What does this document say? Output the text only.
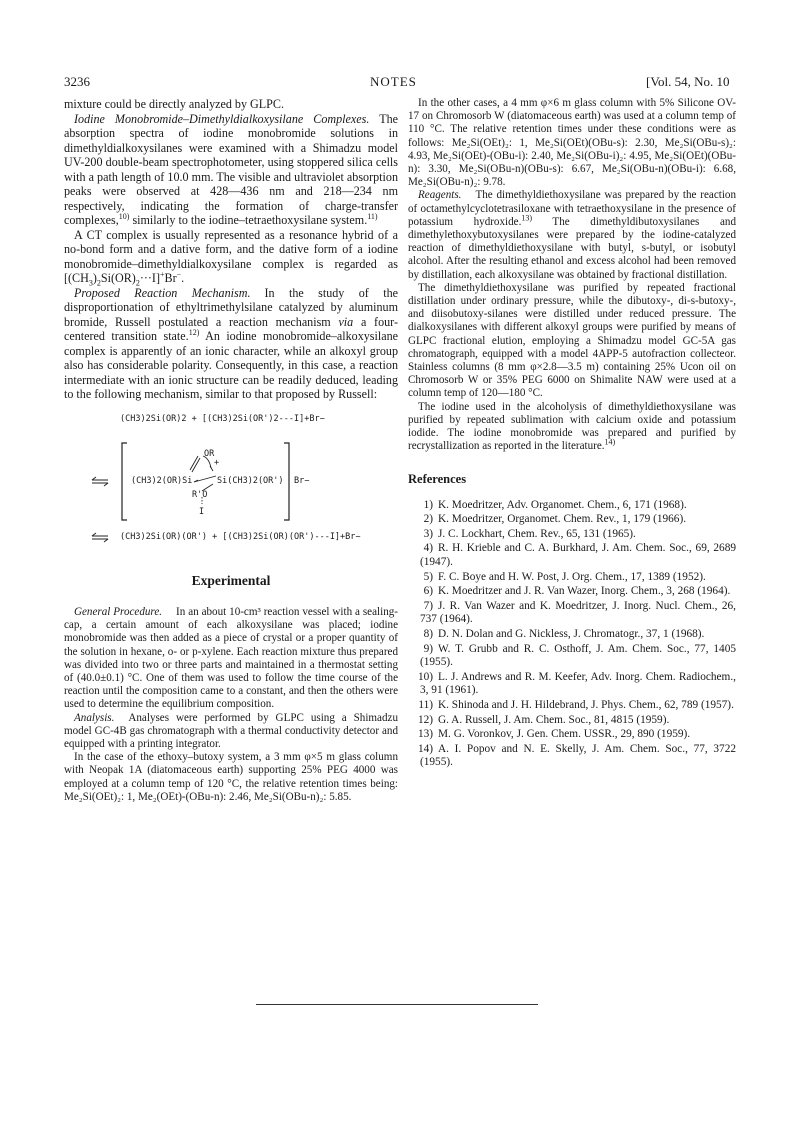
3236	NOTES	[Vol. 54, No. 10

mixture could be directly analyzed by GLPC.

Iodine Monobromide–Dimethyldialkoxysilane Complexes. The absorption spectra of iodine monobromide solutions in dimethyldialkoxysilanes were examined with a Shimadzu model UV-200 double-beam spectrophotometer, using stoppered silica cells with a path length of 10.0 mm. The visible and ultraviolet absorption peaks were observed at 428—436 nm and 218—234 nm respectively, indicating the formation of charge-transfer complexes,$^{10)}$ similarly to the iodine–tetraethoxysilane system.$^{11)}$

A CT complex is usually represented as a resonance hybrid of a no-bond form and a dative form, and the dative form of a iodine monobromide–dimethyldialkoxysilane complex is regarded as $[(CH_3)_2Si(OR)_2\cdot\cdot\cdot I]^+Br^-$.

Proposed Reaction Mechanism. In the study of the disproportionation of ethyltrimethylsilane catalyzed by aluminum bromide, Russell postulated a reaction mechanism via a four-centered transition state.$^{12)}$ An iodine monobromide–alkoxysilane complex is apparently of an ionic character, while an alkoxyl group also has considerable polarity. Consequently, in this case, a reaction intermediate with an ionic structure can be readily deduced, leading to the following mechanism, similar to that proposed by Russell:

(CH3)2Si(OR)2 + [(CH3)2Si(OR')2---I]+Br−
OR
+
(CH3)2(OR)Si	Si(CH3)2(OR') Br−
R'O
I
(CH3)2Si(OR)(OR') + [(CH3)2Si(OR)(OR')---I]+Br−
Experimental

General Procedure. In an about 10-cm³ reaction vessel with a sealing-cap, a certain amount of each alkoxysilane was placed; iodine monobromide was then added as a piece of crystal or a proper quantity of the solution in hexane, o- or p-xylene. Each reaction mixture thus prepared was divided into two or three parts and maintained in a thermostat setting of (40.0±0.1) °C. One of them was used to follow the time course of the reaction until the composition came to a constant, and then the others were used to determine the equilibrium composition.

Analysis. Analyses were performed by GLPC using a Shimadzu model GC-4B gas chromatograph with a thermal conductivity detector and equipped with a printing integrator.

In the case of the ethoxy–butoxy system, a 3 mm φ×5 m glass column with Neopak 1A (diatomaceous earth) supporting 25% PEG 4000 was employed at a column temp of 120 °C, the relative retention times being: Me₂Si(OEt)₂: 1, Me₂(OEt)-(OBu-n): 2.46, Me₂Si(OBu-n)₂: 5.85.

In the other cases, a 4 mm φ×6 m glass column with 5% Silicone OV-17 on Chromosorb W (diatomaceous earth) was used at a column temp of 110 °C. The relative retention times under these conditions were as follows: Me₂Si(OEt)₂: 1, Me₂Si(OEt)(OBu-s): 2.30, Me₂Si(OBu-s)₂: 4.93, Me₂Si(OEt)-(OBu-i): 2.40, Me₂Si(OBu-i)₂: 4.95, Me₂Si(OEt)(OBu-n): 3.30, Me₂Si(OBu-n)(OBu-s): 6.67, Me₂Si(OBu-n)(OBu-i): 6.68, Me₂Si(OBu-n)₂: 9.78.

Reagents. The dimethyldiethoxysilane was prepared by the reaction of octamethylcyclotetrasiloxane with tetraethoxysilane in the presence of potassium hydroxide.$^{13)}$ The dimethyldibutoxysilanes and dimethylethoxybutoxysilanes were prepared by the iodine-catalyzed reaction of dimethyldiethoxysilane with butyl, s-butyl, or isobutyl alcohol. After the resulting ethanol and excess alcohol had been removed by distillation, each alkoxysilane was obtained by fractional distillation.

The dimethyldiethoxysilane was purified by repeated fractional distillation under ordinary pressure, while the dibutoxy-, di-s-butoxy-, and diisobutoxy-silanes were distilled under reduced pressure. The dialkoxysilanes with different alkoxyl groups were purified by means of GLPC fractional elution, employing a Shimadzu model GC-5A gas chromatograph, equipped with a model 4APP-5 autofraction collecteor. Stainless columns (8 mm φ×2.8—3.5 m) containing 25% Ucon oil on Chromosorb W or 35% PEG 6000 on Shimalite NAW were used at a column temp of 120—180 °C.

The iodine used in the alcoholysis of dimethyldiethoxysilane was purified by repeated sublimation with calcium oxide and potassium iodide. The iodine monobromide was prepared and purified by recrystallization as reported in the literature.$^{14)}$

References
1) K. Moedritzer, Adv. Organomet. Chem., 6, 171 (1968).
2) K. Moedritzer, Organomet. Chem. Rev., 1, 179 (1966).
3) J. C. Lockhart, Chem. Rev., 65, 131 (1965).
4) R. H. Krieble and C. A. Burkhard, J. Am. Chem. Soc., 69, 2689 (1947).
5) F. C. Boye and H. W. Post, J. Org. Chem., 17, 1389 (1952).
6) K. Moedritzer and J. R. Van Wazer, Inorg. Chem., 3, 268 (1964).
7) J. R. Van Wazer and K. Moedritzer, J. Inorg. Nucl. Chem., 26, 737 (1964).
8) D. N. Dolan and G. Nickless, J. Chromatogr., 37, 1 (1968).
9) W. T. Grubb and R. C. Osthoff, J. Am. Chem. Soc., 77, 1405 (1955).
10) L. J. Andrews and R. M. Keefer, Adv. Inorg. Chem. Radiochem., 3, 91 (1961).
11) K. Shinoda and J. H. Hildebrand, J. Phys. Chem., 62, 789 (1957).
12) G. A. Russell, J. Am. Chem. Soc., 81, 4815 (1959).
13) M. G. Voronkov, J. Gen. Chem. USSR., 29, 890 (1959).
14) A. I. Popov and N. E. Skelly, J. Am. Chem. Soc., 77, 3722 (1955).
